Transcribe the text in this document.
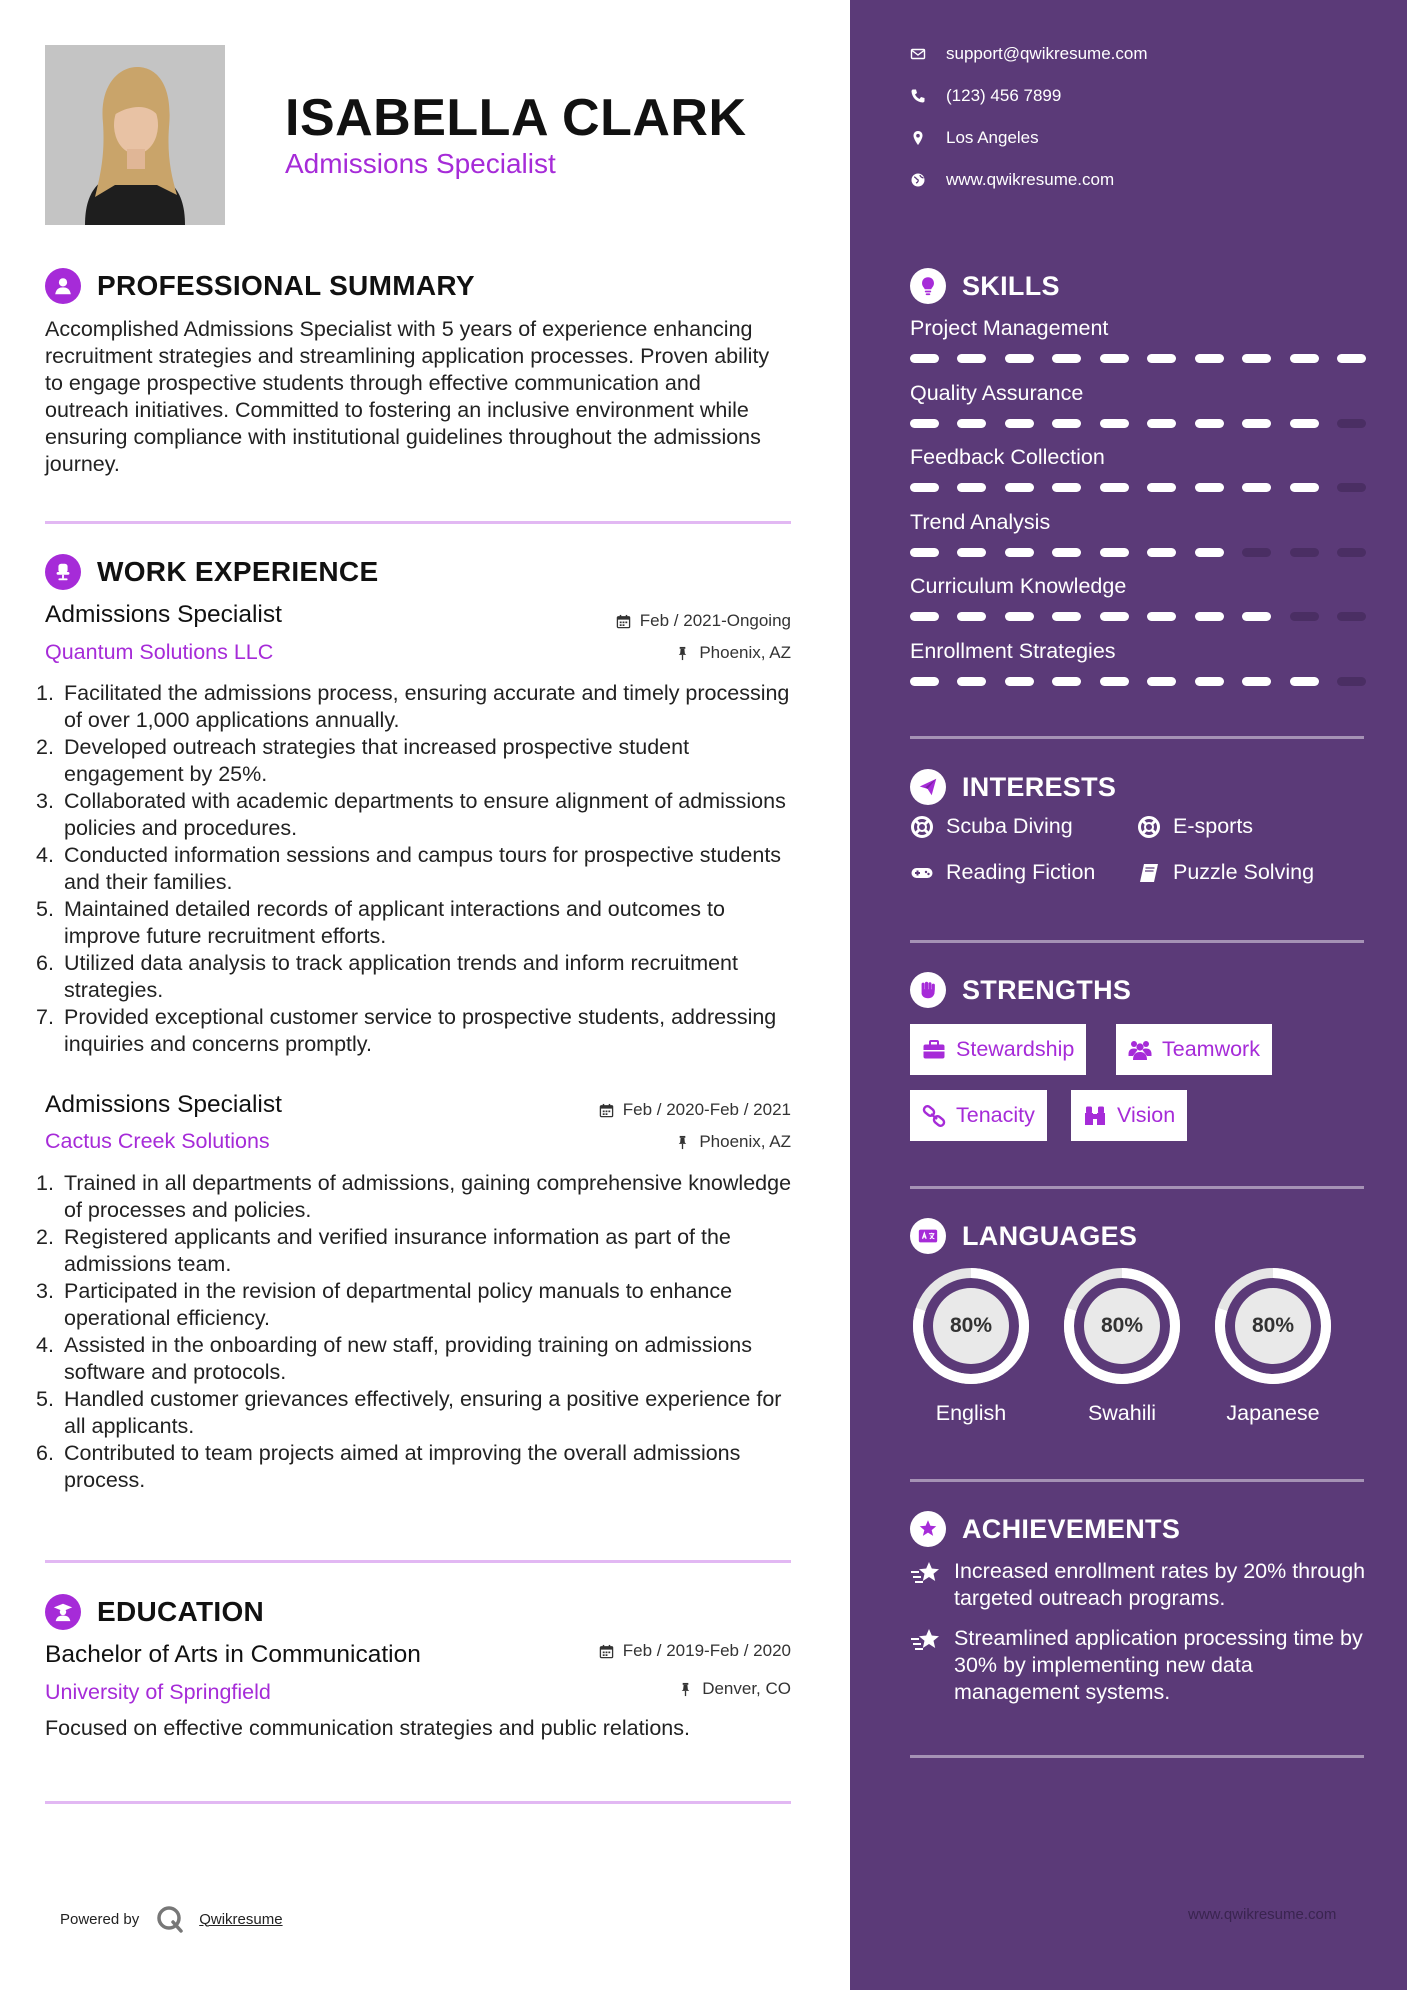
ISABELLA CLARK
Admissions Specialist
PROFESSIONAL SUMMARY
Accomplished Admissions Specialist with 5 years of experience enhancing recruitment strategies and streamlining application processes. Proven ability to engage prospective students through effective communication and outreach initiatives. Committed to fostering an inclusive environment while ensuring compliance with institutional guidelines throughout the admissions journey.
WORK EXPERIENCE
Admissions Specialist
Quantum Solutions LLC
Feb / 2021-Ongoing
Phoenix, AZ
1. Facilitated the admissions process, ensuring accurate and timely processing of over 1,000 applications annually.
2. Developed outreach strategies that increased prospective student engagement by 25%.
3. Collaborated with academic departments to ensure alignment of admissions policies and procedures.
4. Conducted information sessions and campus tours for prospective students and their families.
5. Maintained detailed records of applicant interactions and outcomes to improve future recruitment efforts.
6. Utilized data analysis to track application trends and inform recruitment strategies.
7. Provided exceptional customer service to prospective students, addressing inquiries and concerns promptly.
Admissions Specialist
Cactus Creek Solutions
Feb / 2020-Feb / 2021
Phoenix, AZ
1. Trained in all departments of admissions, gaining comprehensive knowledge of processes and policies.
2. Registered applicants and verified insurance information as part of the admissions team.
3. Participated in the revision of departmental policy manuals to enhance operational efficiency.
4. Assisted in the onboarding of new staff, providing training on admissions software and protocols.
5. Handled customer grievances effectively, ensuring a positive experience for all applicants.
6. Contributed to team projects aimed at improving the overall admissions process.
EDUCATION
Bachelor of Arts in Communication
University of Springfield
Feb / 2019-Feb / 2020
Denver, CO
Focused on effective communication strategies and public relations.
Powered by	Qwikresume
support@qwikresume.com
(123) 456 7899
Los Angeles
www.qwikresume.com
SKILLS
Project Management
Quality Assurance
Feedback Collection
Trend Analysis
Curriculum Knowledge
Enrollment Strategies
INTERESTS
Scuba Diving	E-sports
Reading Fiction	Puzzle Solving
STRENGTHS
Stewardship	Teamwork
Tenacity	Vision
LANGUAGES
80%
English
80%
Swahili
80%
Japanese
ACHIEVEMENTS
Increased enrollment rates by 20% through targeted outreach programs.
Streamlined application processing time by 30% by implementing new data management systems.
www.qwikresume.com
